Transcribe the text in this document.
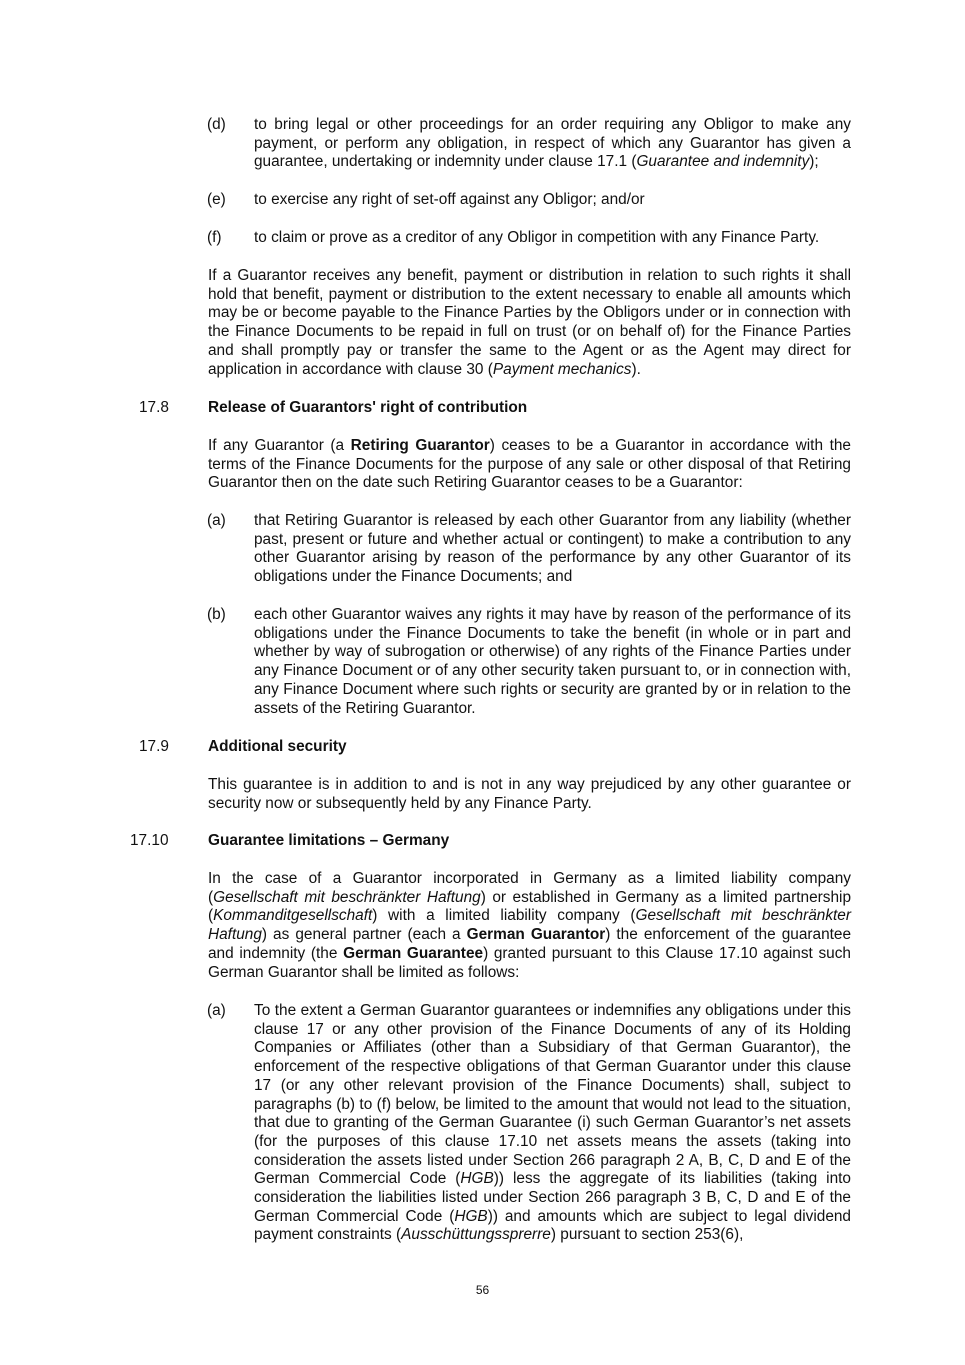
(d) to bring legal or other proceedings for an order requiring any Obligor to make any payment, or perform any obligation, in respect of which any Guarantor has given a guarantee, undertaking or indemnity under clause 17.1 (Guarantee and indemnity);
(e) to exercise any right of set-off against any Obligor; and/or
(f) to claim or prove as a creditor of any Obligor in competition with any Finance Party.
If a Guarantor receives any benefit, payment or distribution in relation to such rights it shall hold that benefit, payment or distribution to the extent necessary to enable all amounts which may be or become payable to the Finance Parties by the Obligors under or in connection with the Finance Documents to be repaid in full on trust (or on behalf of) for the Finance Parties and shall promptly pay or transfer the same to the Agent or as the Agent may direct for application in accordance with clause 30 (Payment mechanics).
17.8	Release of Guarantors' right of contribution
If any Guarantor (a Retiring Guarantor) ceases to be a Guarantor in accordance with the terms of the Finance Documents for the purpose of any sale or other disposal of that Retiring Guarantor then on the date such Retiring Guarantor ceases to be a Guarantor:
(a) that Retiring Guarantor is released by each other Guarantor from any liability (whether past, present or future and whether actual or contingent) to make a contribution to any other Guarantor arising by reason of the performance by any other Guarantor of its obligations under the Finance Documents; and
(b) each other Guarantor waives any rights it may have by reason of the performance of its obligations under the Finance Documents to take the benefit (in whole or in part and whether by way of subrogation or otherwise) of any rights of the Finance Parties under any Finance Document or of any other security taken pursuant to, or in connection with, any Finance Document where such rights or security are granted by or in relation to the assets of the Retiring Guarantor.
17.9	Additional security
This guarantee is in addition to and is not in any way prejudiced by any other guarantee or security now or subsequently held by any Finance Party.
17.10	Guarantee limitations – Germany
In the case of a Guarantor incorporated in Germany as a limited liability company (Gesellschaft mit beschränkter Haftung) or established in Germany as a limited partnership (Kommanditgesellschaft) with a limited liability company (Gesellschaft mit beschränkter Haftung) as general partner (each a German Guarantor) the enforcement of the guarantee and indemnity (the German Guarantee) granted pursuant to this Clause 17.10 against such German Guarantor shall be limited as follows:
(a) To the extent a German Guarantor guarantees or indemnifies any obligations under this clause 17 or any other provision of the Finance Documents of any of its Holding Companies or Affiliates (other than a Subsidiary of that German Guarantor), the enforcement of the respective obligations of that German Guarantor under this clause 17 (or any other relevant provision of the Finance Documents) shall, subject to paragraphs (b) to (f) below, be limited to the amount that would not lead to the situation, that due to granting of the German Guarantee (i) such German Guarantor’s net assets (for the purposes of this clause 17.10 net assets means the assets (taking into consideration the assets listed under Section 266 paragraph 2 A, B, C, D and E of the German Commercial Code (HGB)) less the aggregate of its liabilities (taking into consideration the liabilities listed under Section 266 paragraph 3 B, C, D and E of the German Commercial Code (HGB)) and amounts which are subject to legal dividend payment constraints (Ausschüttungssprerre) pursuant to section 253(6),
56
